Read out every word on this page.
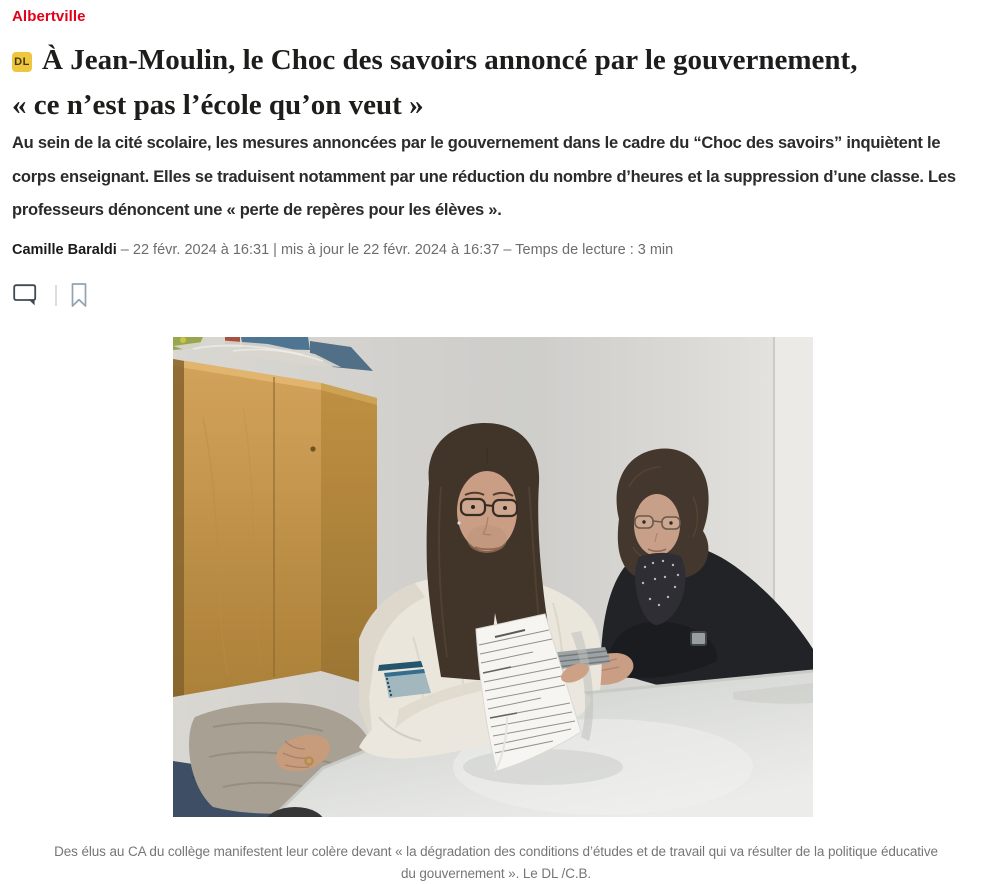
Albertville
DL À Jean-Moulin, le Choc des savoirs annoncé par le gouvernement,
« ce n’est pas l’école qu’on veut »

Au sein de la cité scolaire, les mesures annoncées par le gouvernement dans le cadre du “Choc des savoirs” inquiètent le corps enseignant. Elles se traduisent notamment par une réduction du nombre d’heures et la suppression d’une classe. Les professeurs dénoncent une « perte de repères pour les élèves ».

Camille Baraldi – 22 févr. 2024 à 16:31 | mis à jour le 22 févr. 2024 à 16:37 – Temps de lecture : 3 min
Des élus au CA du collège manifestent leur colère devant « la dégradation des conditions d’études et de travail qui va résulter de la politique éducative du gouvernement ». Le DL /C.B.
